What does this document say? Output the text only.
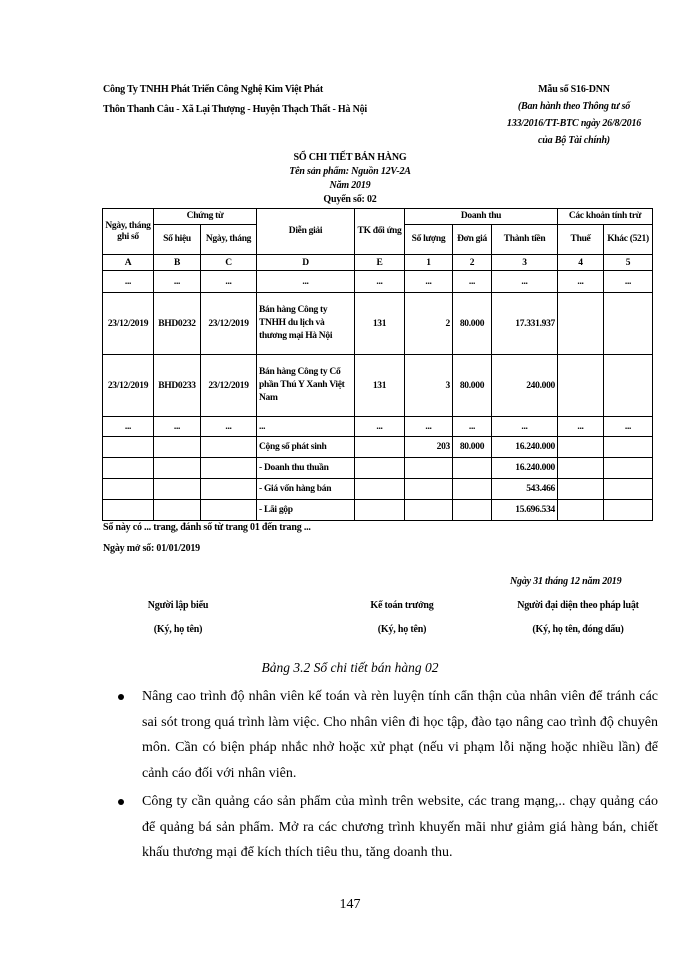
Công Ty TNHH Phát Triển Công Nghệ Kim Việt Phát
Thôn Thanh Câu - Xã Lại Thượng - Huyện Thạch Thất - Hà Nội
Mẫu số S16-DNN
(Ban hành theo Thông tư số
133/2016/TT-BTC ngày 26/8/2016
của Bộ Tài chính)
SỔ CHI TIẾT BÁN HÀNG
Tên sản phẩm: Nguồn 12V-2A
Năm 2019
Quyển số: 02
Ngày, tháng ghi sổ	Chứng từ		Diễn giải	TK đối ứng	Doanh thu			Các khoản tính trừ	
	Số hiệu	Ngày, tháng			Số lượng	Đơn giá	Thành tiền	Thuế	Khác (521)
A	B	C	D	E	1	2	3	4	5
...	...	...	...	...	...	...	...	...	...
23/12/2019	BHD0232	23/12/2019	Bán hàng Công ty TNHH du lịch và thương mại Hà Nội	131	2	80.000	17.331.937		
23/12/2019	BHD0233	23/12/2019	Bán hàng Công ty Cổ phần Thú Y Xanh Việt Nam	131	3	80.000	240.000		
...	...	...	...	...	...	...	...	...	...
			Cộng số phát sinh		203	80.000	16.240.000		
			- Doanh thu thuần				16.240.000		
			- Giá vốn hàng bán				543.466		
			- Lãi gộp				15.696.534		
Sổ này có ... trang, đánh số từ trang 01 đến trang ...
Ngày mở sổ: 01/01/2019
Ngày 31 tháng 12 năm 2019
Người lập biểu
(Ký, họ tên)
Kế toán trưởng
(Ký, họ tên)
Người đại diện theo pháp luật
(Ký, họ tên, đóng dấu)
Bảng 3.2 Sổ chi tiết bán hàng 02
Nâng cao trình độ nhân viên kế toán và rèn luyện tính cẩn thận của nhân viên để tránh các sai sót trong quá trình làm việc. Cho nhân viên đi học tập, đào tạo nâng cao trình độ chuyên môn. Cần có biện pháp nhắc nhở hoặc xử phạt (nếu vi phạm lỗi nặng hoặc nhiều lần) để cảnh cáo đối với nhân viên.
Công ty cần quảng cáo sản phẩm của mình trên website, các trang mạng,.. chạy quảng cáo để quảng bá sản phẩm. Mở ra các chương trình khuyến mãi như giảm giá hàng bán, chiết khấu thương mại để kích thích tiêu thu, tăng doanh thu.
147
